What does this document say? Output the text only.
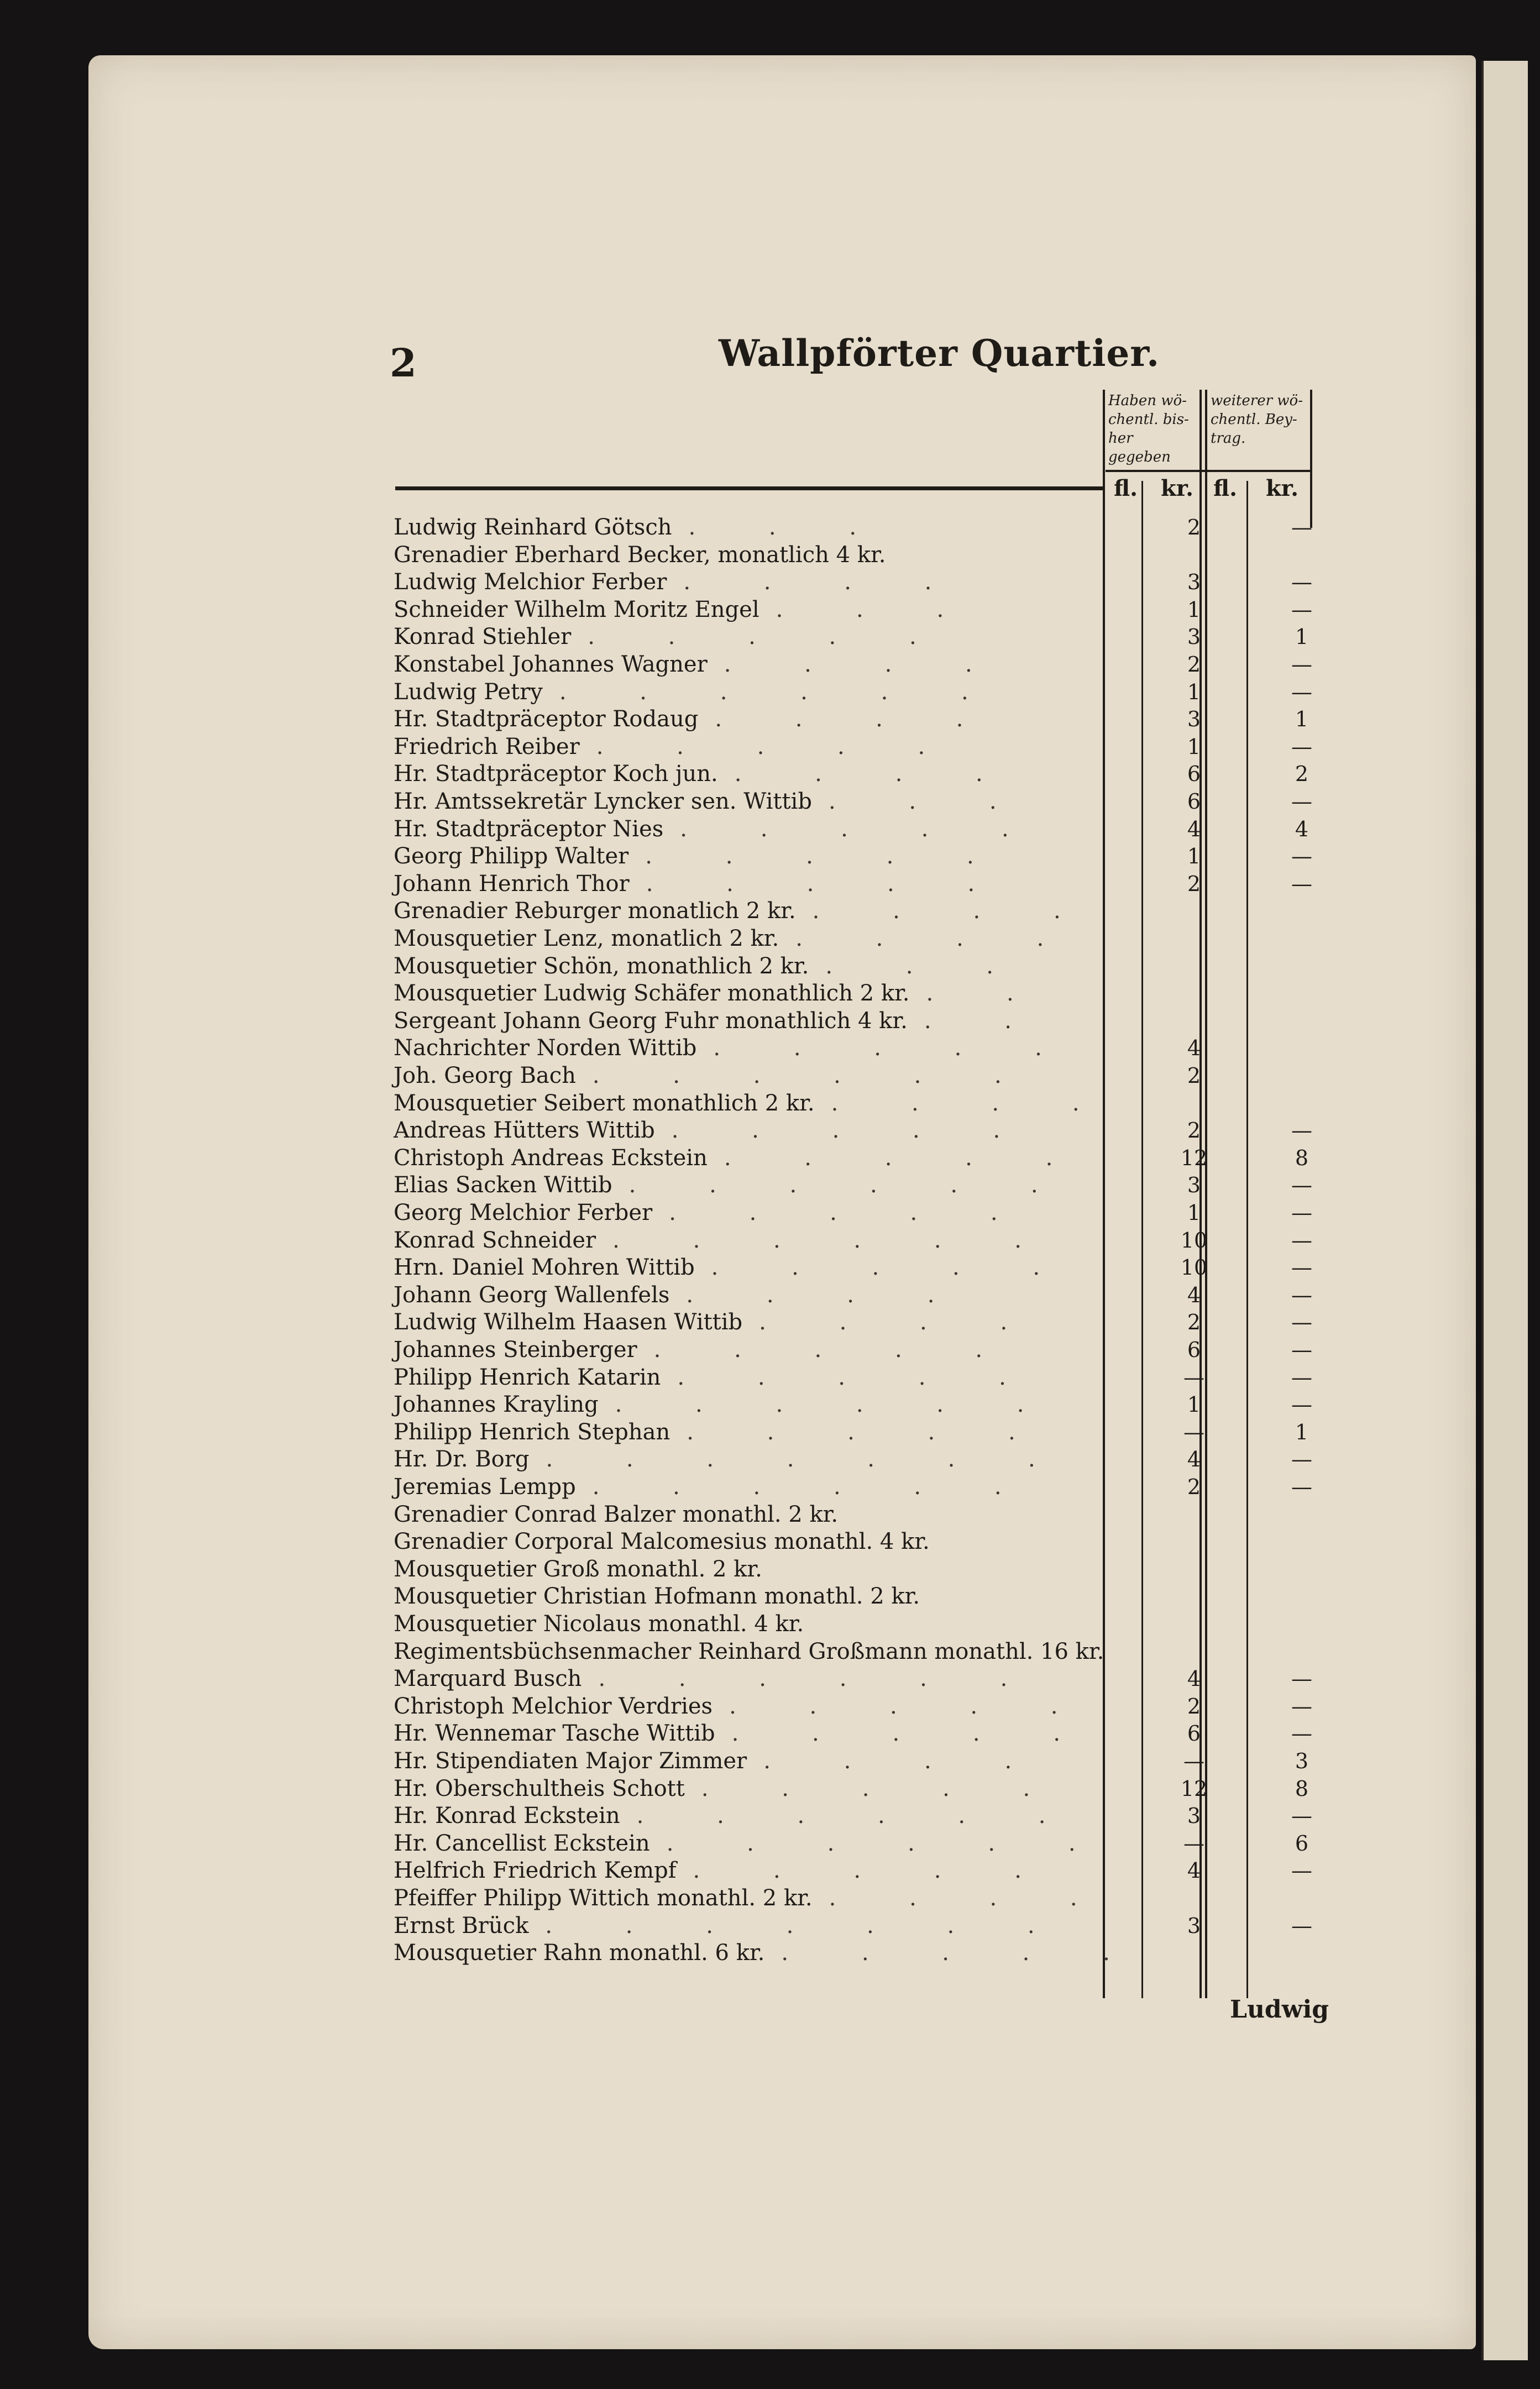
2	Wallpförter Quartier.
Haben wö-chentl. bis-her gegeben
weiterer wö-chentl. Bey-trag.
fl. kr. fl. kr.
Ludwig Reinhard Götsch . . .	2	—
Grenadier Eberhard Becker, monatlich 4 kr.
Ludwig Melchior Ferber . . . .	3	—
Schneider Wilhelm Moritz Engel . . .	1	—
Konrad Stiehler . . . . .	3	1
Konstabel Johannes Wagner . . . .	2	—
Ludwig Petry . . . . . .	1	—
Hr. Stadtpräceptor Rodaug . . . .	3	1
Friedrich Reiber . . . . .	1	—
Hr. Stadtpräceptor Koch jun. . . . .	6	2
Hr. Amtssekretär Lyncker sen. Wittib . . .	6	—
Hr. Stadtpräceptor Nies . . . . .	4	4
Georg Philipp Walter . . . . .	1	—
Johann Henrich Thor . . . . .	2	—
Grenadier Reburger monatlich 2 kr. . . . .
Mousquetier Lenz, monatlich 2 kr. . . . .
Mousquetier Schön, monathlich 2 kr. . . .
Mousquetier Ludwig Schäfer monathlich 2 kr. . .
Sergeant Johann Georg Fuhr monathlich 4 kr. . .
Nachrichter Norden Wittib . . . . .	4
Joh. Georg Bach . . . . . .	2
Mousquetier Seibert monathlich 2 kr. . . . .
Andreas Hütters Wittib . . . . .	2	—
Christoph Andreas Eckstein . . . . .	12	8
Elias Sacken Wittib . . . . . .	3	—
Georg Melchior Ferber . . . . .	1	—
Konrad Schneider . . . . . .	10	—
Hrn. Daniel Mohren Wittib . . . . .	10	—
Johann Georg Wallenfels . . . .	4	—
Ludwig Wilhelm Haasen Wittib . . . .	2	—
Johannes Steinberger . . . . .	6	—
Philipp Henrich Katarin . . . . .	—	—
Johannes Krayling . . . . . .	1	—
Philipp Henrich Stephan . . . . .	—	1
Hr. Dr. Borg . . . . . . .	4	—
Jeremias Lempp . . . . . .	2	—
Grenadier Conrad Balzer monathl. 2 kr.
Grenadier Corporal Malcomesius monathl. 4 kr.
Mousquetier Groß monathl. 2 kr.
Mousquetier Christian Hofmann monathl. 2 kr.
Mousquetier Nicolaus monathl. 4 kr.
Regimentsbüchsenmacher Reinhard Großmann monathl. 16 kr.
Marquard Busch . . . . . .	4	—
Christoph Melchior Verdries . . . . .	2	—
Hr. Wennemar Tasche Wittib . . . . .	6	—
Hr. Stipendiaten Major Zimmer . . . .	—	3
Hr. Oberschultheis Schott . . . . .	12	8
Hr. Konrad Eckstein . . . . . .	3	—
Hr. Cancellist Eckstein . . . . . .	—	6
Helfrich Friedrich Kempf . . . . .	4	—
Pfeiffer Philipp Wittich monathl. 2 kr. . . . .
Ernst Brück . . . . . . .	3	—
Mousquetier Rahn monathl. 6 kr. . . . . .
Ludwig
